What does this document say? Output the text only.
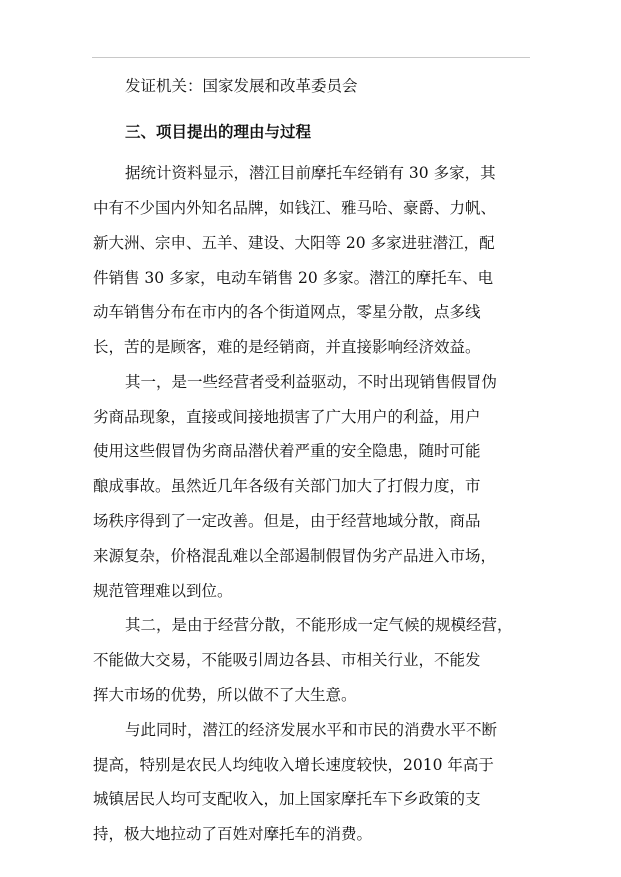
发证机关：国家发展和改革委员会
三、项目提出的理由与过程
据统计资料显示，潜江目前摩托车经销有 30 多家，其
中有不少国内外知名品牌，如钱江、雅马哈、豪爵、力帆、
新大洲、宗申、五羊、建设、大阳等 20 多家进驻潜江，配
件销售 30 多家，电动车销售 20 多家。潜江的摩托车、电
动车销售分布在市内的各个街道网点，零星分散，点多线
长，苦的是顾客，难的是经销商，并直接影响经济效益。
其一，是一些经营者受利益驱动，不时出现销售假冒伪
劣商品现象，直接或间接地损害了广大用户的利益，用户
使用这些假冒伪劣商品潜伏着严重的安全隐患，随时可能
酿成事故。虽然近几年各级有关部门加大了打假力度，市
场秩序得到了一定改善。但是，由于经营地域分散，商品
来源复杂，价格混乱难以全部遏制假冒伪劣产品进入市场，
规范管理难以到位。
其二，是由于经营分散，不能形成一定气候的规模经营，
不能做大交易，不能吸引周边各县、市相关行业，不能发
挥大市场的优势，所以做不了大生意。
与此同时，潜江的经济发展水平和市民的消费水平不断
提高，特别是农民人均纯收入增长速度较快，2010 年高于
城镇居民人均可支配收入，加上国家摩托车下乡政策的支
持，极大地拉动了百姓对摩托车的消费。
